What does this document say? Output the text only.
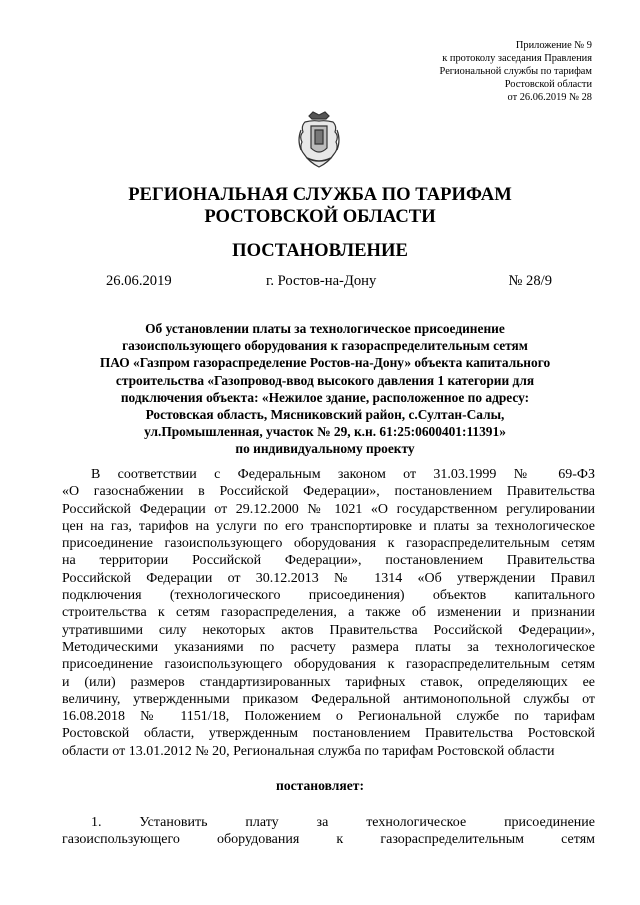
Приложение № 9
к протоколу заседания Правления
Региональной службы по тарифам
Ростовской области
от 26.06.2019 № 28
РЕГИОНАЛЬНАЯ СЛУЖБА ПО ТАРИФАМ
РОСТОВСКОЙ ОБЛАСТИ
ПОСТАНОВЛЕНИЕ
26.06.2019	г. Ростов-на-Дону	№ 28/9
Об установлении платы за технологическое присоединение
газоиспользующего оборудования к газораспределительным сетям
ПАО «Газпром газораспределение Ростов-на-Дону» объекта капитального
строительства «Газопровод-ввод высокого давления 1 категории для
подключения объекта: «Нежилое здание, расположенное по адресу:
Ростовская область, Мясниковский район, с.Султан-Салы,
ул.Промышленная, участок № 29, к.н. 61:25:0600401:11391»
по индивидуальному проекту
В соответствии с Федеральным законом от 31.03.1999 № 69-ФЗ
«О газоснабжении в Российской Федерации», постановлением Правительства
Российской Федерации от 29.12.2000 № 1021 «О государственном регулировании
цен на газ, тарифов на услуги по его транспортировке и платы за технологическое
присоединение газоиспользующего оборудования к газораспределительным сетям
на территории Российской Федерации», постановлением Правительства
Российской Федерации от 30.12.2013 № 1314 «Об утверждении Правил
подключения (технологического присоединения) объектов капитального
строительства к сетям газораспределения, а также об изменении и признании
утратившими силу некоторых актов Правительства Российской Федерации»,
Методическими указаниями по расчету размера платы за технологическое
присоединение газоиспользующего оборудования к газораспределительным сетям
и (или) размеров стандартизированных тарифных ставок, определяющих ее
величину, утвержденными приказом Федеральной антимонопольной службы от
16.08.2018 № 1151/18, Положением о Региональной службе по тарифам
Ростовской области, утвержденным постановлением Правительства Ростовской
области от 13.01.2012 № 20, Региональная служба по тарифам Ростовской области
постановляет:
1. Установить плату за технологическое присоединение
газоиспользующего оборудования к газораспределительным сетям
